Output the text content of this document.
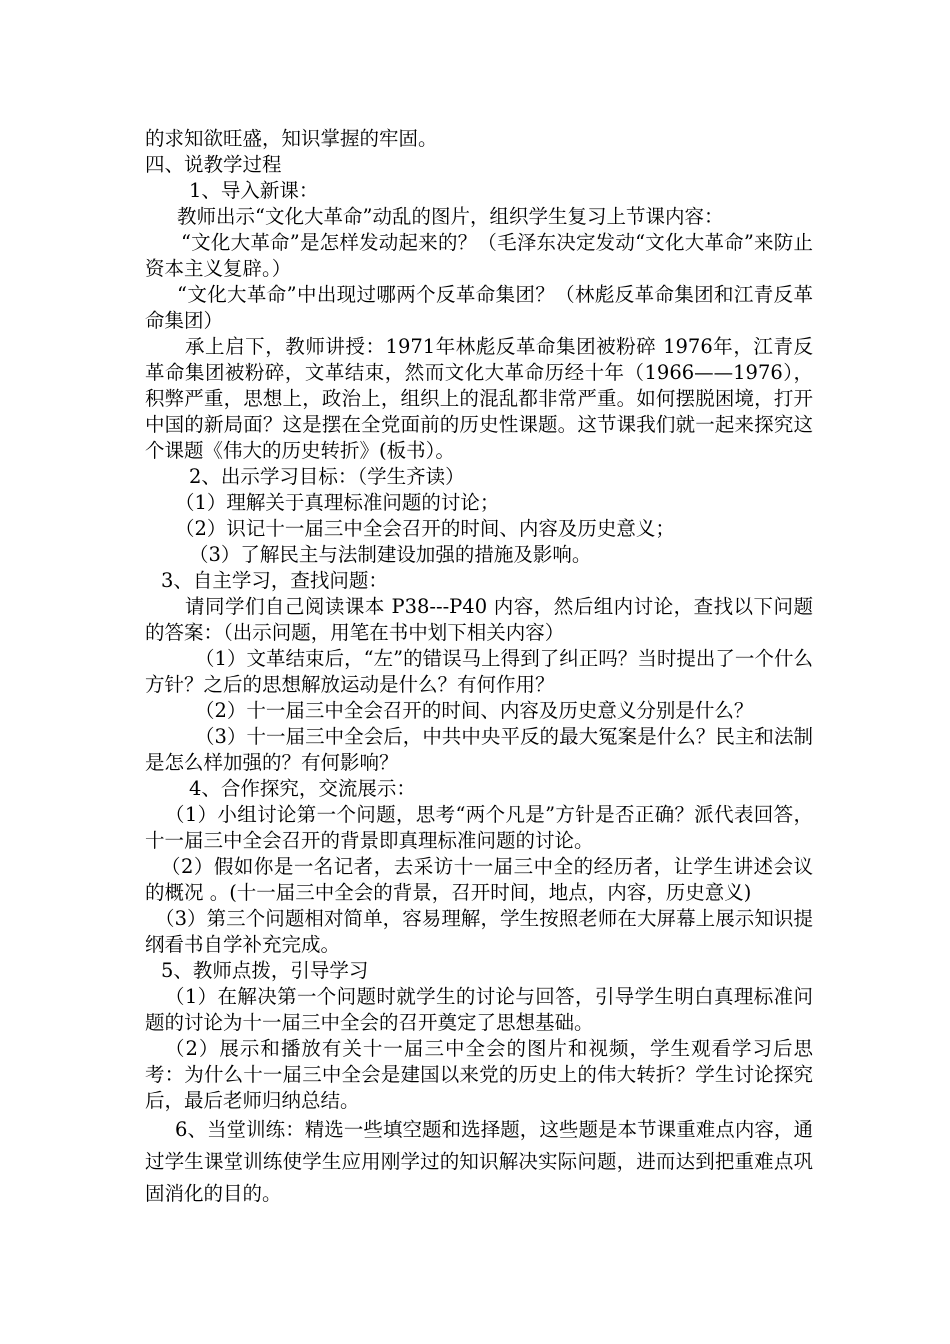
的求知欲旺盛，知识掌握的牢固。

四、说教学过程

1、导入新课：

教师出示“文化大革命”动乱的图片，组织学生复习上节课内容：

“文化大革命”是怎样发动起来的？（毛泽东决定发动“文化大革命”来防止资本主义复辟。）

“文化大革命”中出现过哪两个反革命集团？（林彪反革命集团和江青反革命集团）

承上启下，教师讲授：1971年林彪反革命集团被粉碎 1976年，江青反革命集团被粉碎，文革结束，然而文化大革命历经十年（1966——1976），积弊严重，思想上，政治上，组织上的混乱都非常严重。如何摆脱困境，打开中国的新局面？这是摆在全党面前的历史性课题。这节课我们就一起来探究这个课题《伟大的历史转折》(板书）。

2、出示学习目标：（学生齐读）

（1）理解关于真理标准问题的讨论；

（2）识记十一届三中全会召开的时间、内容及历史意义；

（3）了解民主与法制建设加强的措施及影响。

3、自主学习，查找问题：

请同学们自己阅读课本 P38---P40 内容，然后组内讨论，查找以下问题的答案：（出示问题，用笔在书中划下相关内容）

（1）文革结束后，“左”的错误马上得到了纠正吗？当时提出了一个什么方针？之后的思想解放运动是什么？有何作用？

（2）十一届三中全会召开的时间、内容及历史意义分别是什么？

（3）十一届三中全会后，中共中央平反的最大冤案是什么？民主和法制是怎么样加强的？有何影响？

4、合作探究，交流展示：

（1）小组讨论第一个问题，思考“两个凡是”方针是否正确？派代表回答，十一届三中全会召开的背景即真理标准问题的讨论。

（2）假如你是一名记者，去采访十一届三中全的经历者，让学生讲述会议的概况 。(十一届三中全会的背景，召开时间，地点，内容，历史意义)

（3）第三个问题相对简单，容易理解，学生按照老师在大屏幕上展示知识提纲看书自学补充完成。

5、教师点拨，引导学习

（1）在解决第一个问题时就学生的讨论与回答，引导学生明白真理标准问题的讨论为十一届三中全会的召开奠定了思想基础。

（2）展示和播放有关十一届三中全会的图片和视频，学生观看学习后思考：为什么十一届三中全会是建国以来党的历史上的伟大转折？学生讨论探究后，最后老师归纳总结。

6、当堂训练：精选一些填空题和选择题，这些题是本节课重难点内容，通过学生课堂训练使学生应用刚学过的知识解决实际问题，进而达到把重难点巩固消化的目的。
